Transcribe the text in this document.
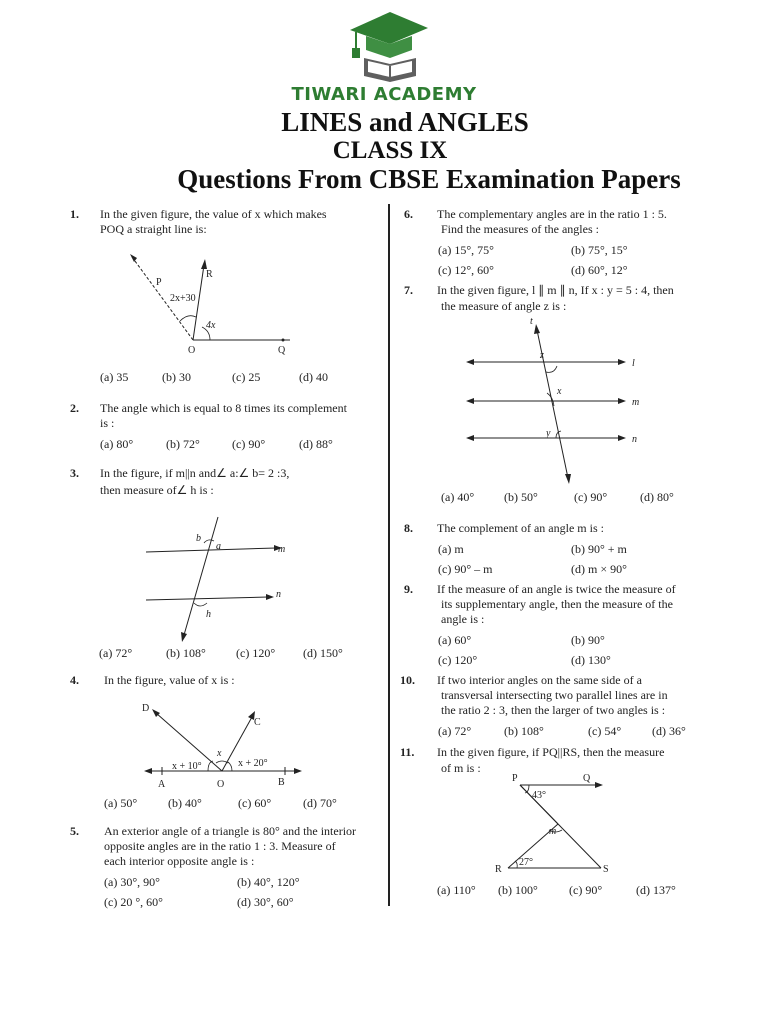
TIWARI ACADEMY
LINES and ANGLES
CLASS IX
Questions From CBSE Examination Papers
1. In the given figure, the value of x which makes
POQ a straight line is:
P
R
2x+30
4x
O	Q
(a) 35	(b) 30	(c) 25	(d) 40
2. The angle which is equal to 8 times its complement
is :
(a) 80°	(b) 72°	(c) 90°	(d) 88°
3. In the figure, if m||n and∠ a:∠ b= 2 :3,
then measure of∠ h is :
b
a	m
n
h
(a) 72°	(b) 108°	(c) 120° (d) 150°
4. In the figure, value of x is :
D
C
x
x + 10°	x + 20°
A	O	B
(a) 50°	(b) 40°	(c) 60°	(d) 70°
5. An exterior angle of a triangle is 80° and the interior
opposite angles are in the ratio 1 : 3. Measure of
each interior opposite angle is :
(a) 30°, 90°	(b) 40°, 120°
(c) 20 °, 60°	(d) 30°, 60°
6. The complementary angles are in the ratio 1 : 5.
Find the measures of the angles :
(a) 15°, 75°	(b) 75°, 15°
(c) 12°, 60°	(d) 60°, 12°
7. In the given figure, l ∥ m ∥ n, If x : y = 5 : 4, then
the measure of angle z is :
t
z
l
x
m
y
n
(a) 40° (b) 50°	(c) 90°	(d) 80°
8. The complement of an angle m is :
(a) m	(b) 90° + m
(c) 90° – m	(d) m × 90°
9. If the measure of an angle is twice the measure of
its supplementary angle, then the measure of the
angle is :
(a) 60°	(b) 90°
(c) 120°	(d) 130°
10. If two interior angles on the same side of a
transversal intersecting two parallel lines are in
the ratio 2 : 3, then the larger of two angles is :
(a) 72°	(b) 108°	(c) 54°	(d) 36°
11. In the given figure, if PQ||RS, then the measure
of m is :
P	Q
43°
m
R
27°
S
(a) 110° (b) 100°	(c) 90°	(d) 137°
